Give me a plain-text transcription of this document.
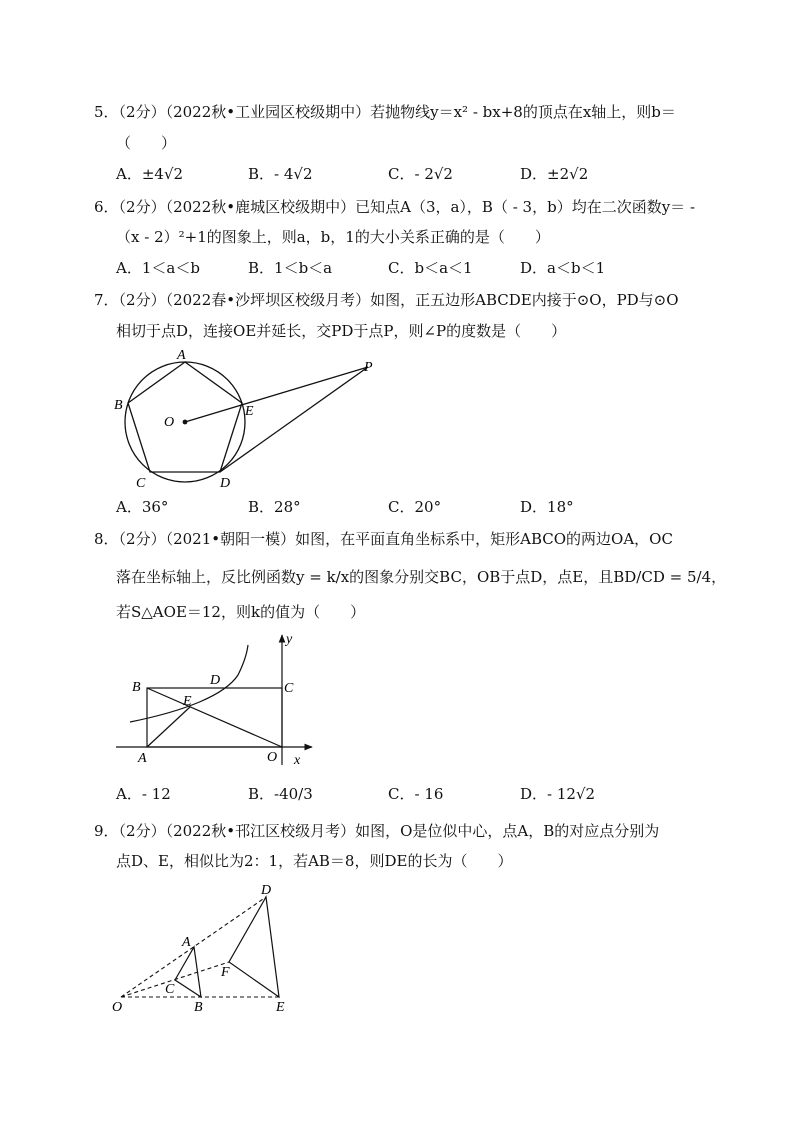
5．（2分）（2022秋•工业园区校级期中）若抛物线y＝x² - bx+8的顶点在x轴上，则b＝
（　　）
A．±4√2	B．- 4√2	C．- 2√2	D．±2√2
6．（2分）（2022秋•鹿城区校级期中）已知点A（3，a），B（ - 3，b）均在二次函数y＝ -
（x - 2）²+1的图象上，则a，b，1的大小关系正确的是（　　）
A．1＜a＜b	B．1＜b＜a	C．b＜a＜1	D．a＜b＜1
7．（2分）（2022春•沙坪坝区校级月考）如图，正五边形ABCDE内接于⊙O，PD与⊙O
相切于点D，连接OE并延长，交PD于点P，则∠P的度数是（　　）
A
B
C	D
E
O
P
A．36°	B．28°	C．20°	D．18°
8．（2分）（2021•朝阳一模）如图，在平面直角坐标系中，矩形ABCO的两边OA，OC
落在坐标轴上，反比例函数y = k/x的图象分别交BC，OB于点D，点E，且BD/CD = 5/4，
若S△AOE＝12，则k的值为（　　）
y
B	D
C
E
A	O x
A．- 12	B．-40/3	C．- 16	D．- 12√2
9．（2分）（2022秋•邗江区校级月考）如图，O是位似中心，点A，B的对应点分别为
点D、E，相似比为2：1，若AB＝8，则DE的长为（　　）
D
A
F
C
O	B	E
